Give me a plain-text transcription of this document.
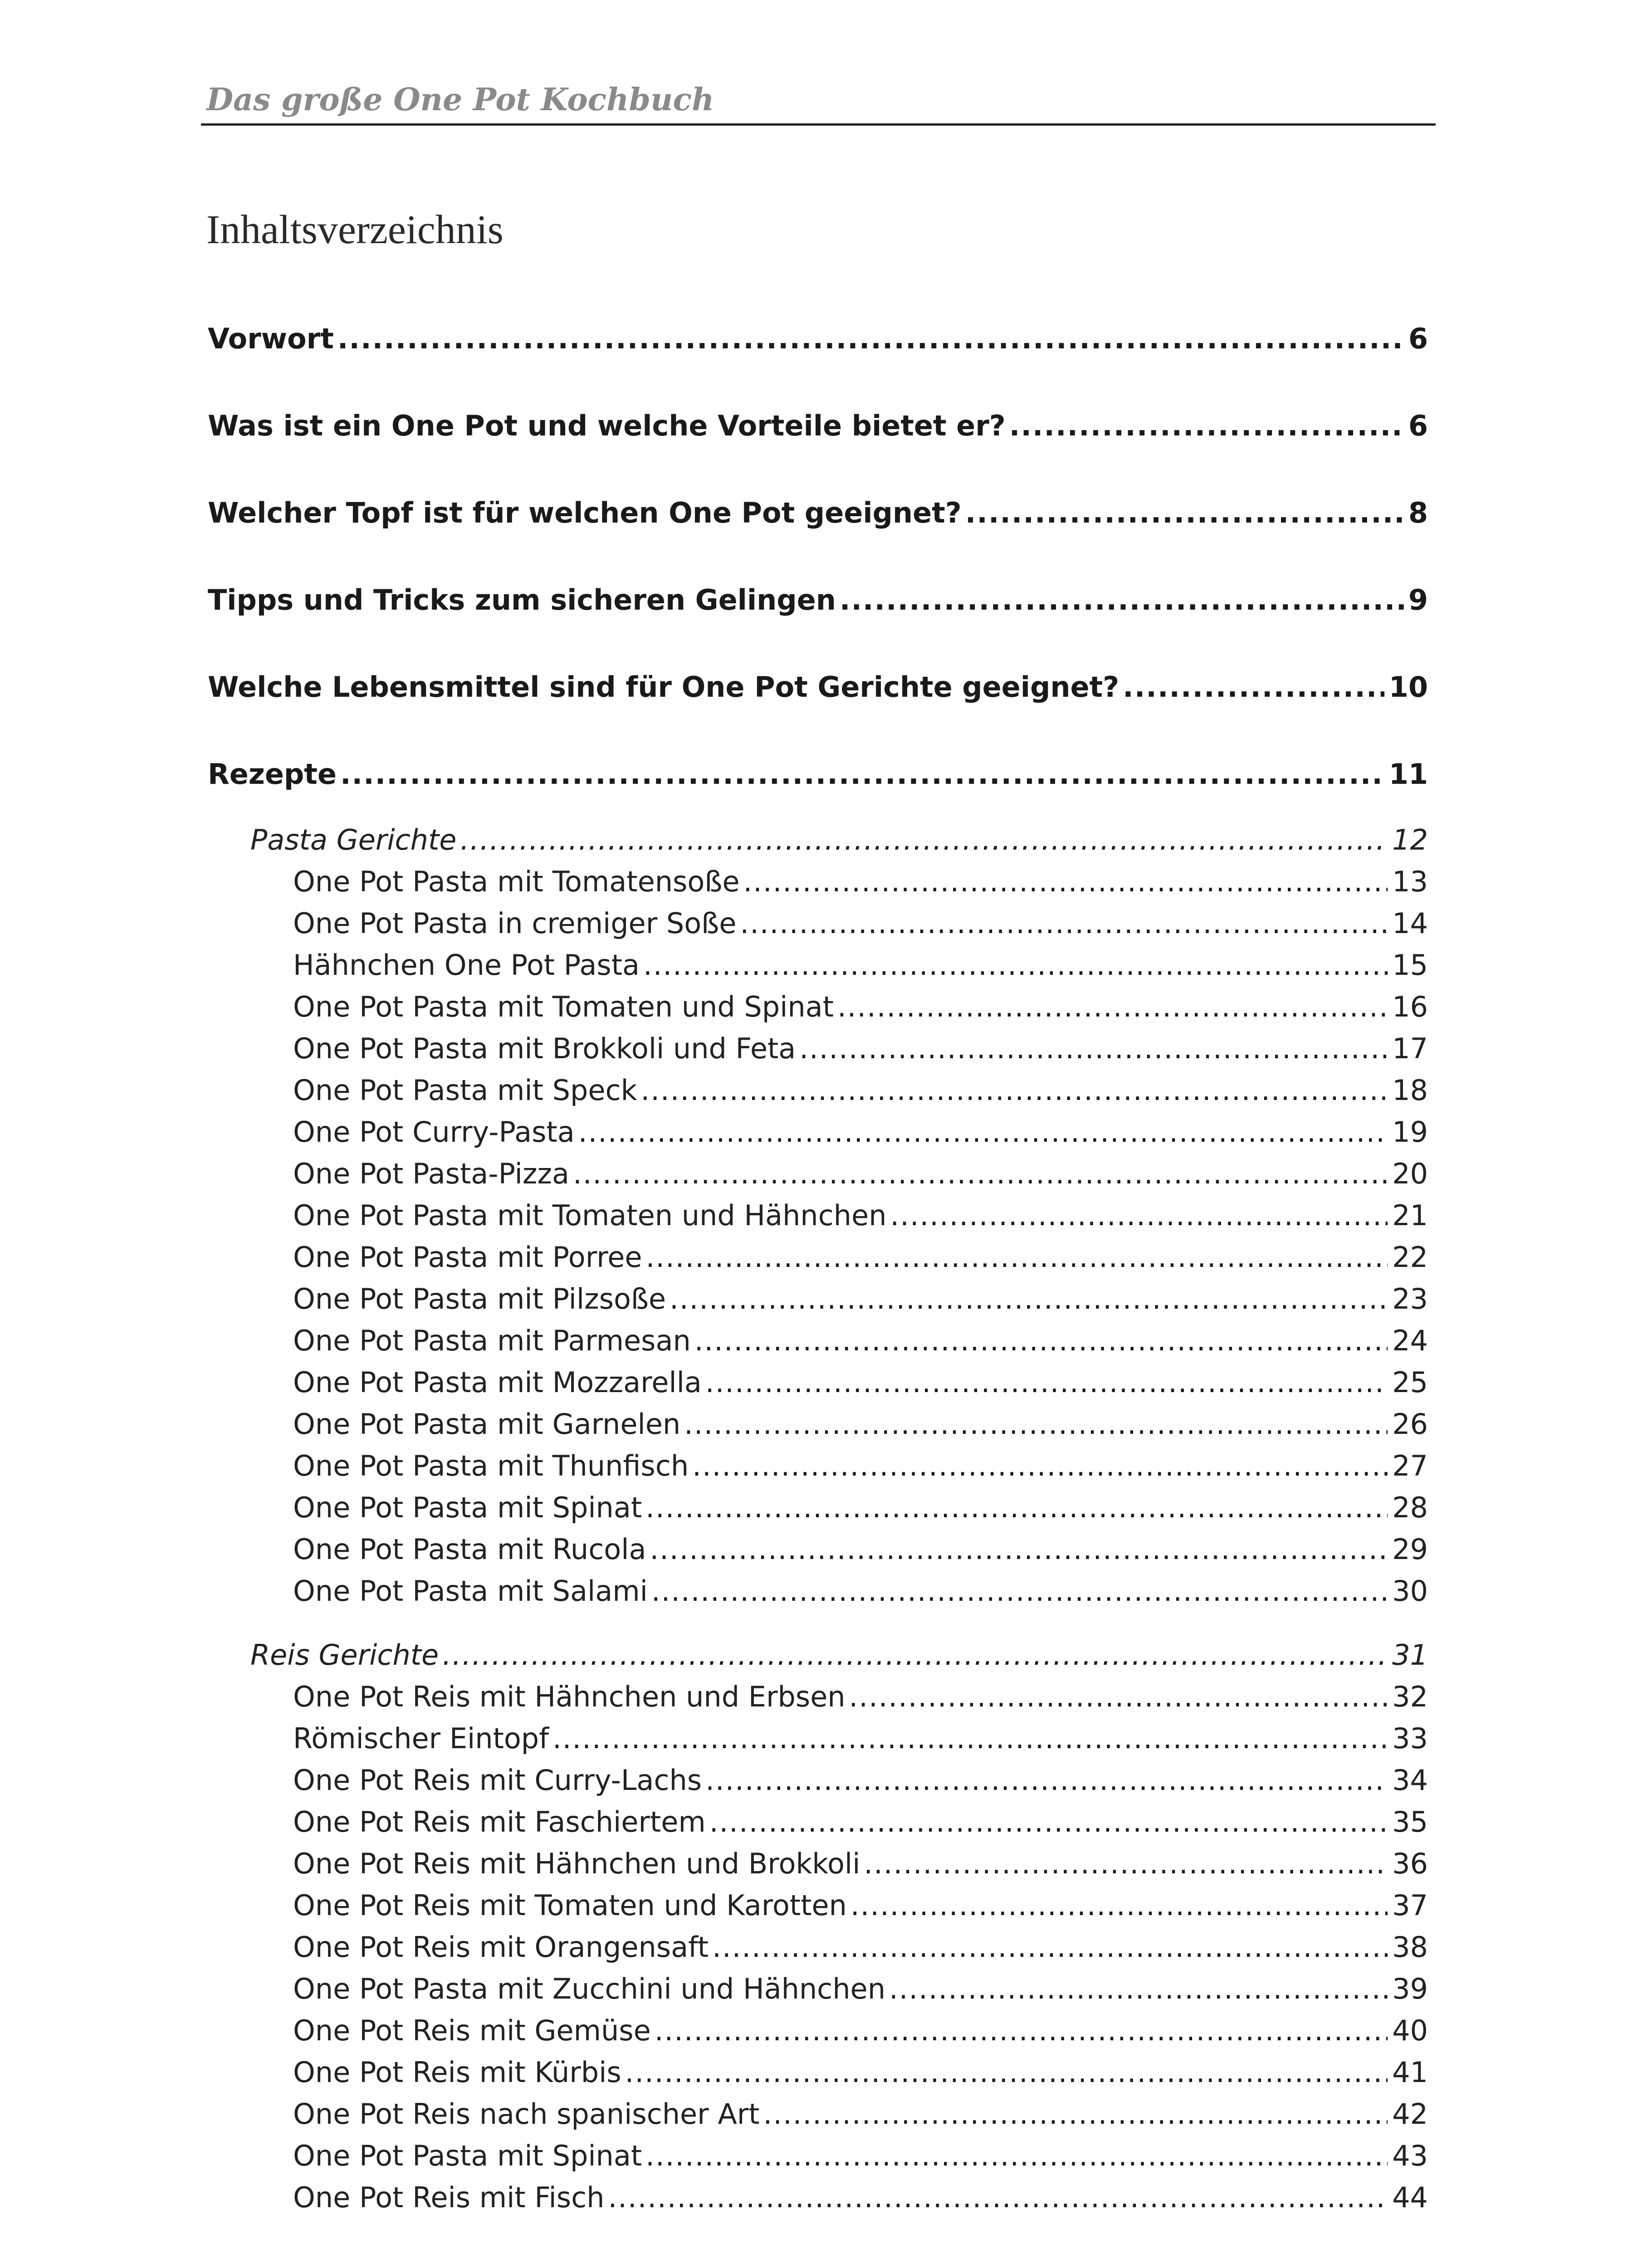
Das große One Pot Kochbuch
Inhaltsverzeichnis
Vorwort .....	6
Was ist ein One Pot und welche Vorteile bietet er? .....	6
Welcher Topf ist für welchen One Pot geeignet? .....	8
Tipps und Tricks zum sicheren Gelingen .....	9
Welche Lebensmittel sind für One Pot Gerichte geeignet? .....	10
Rezepte .....	11
Pasta Gerichte .....	12
One Pot Pasta mit Tomatensoße .....	13
One Pot Pasta in cremiger Soße .....	14
Hähnchen One Pot Pasta .....	15
One Pot Pasta mit Tomaten und Spinat .....	16
One Pot Pasta mit Brokkoli und Feta .....	17
One Pot Pasta mit Speck .....	18
One Pot Curry-Pasta .....	19
One Pot Pasta-Pizza .....	20
One Pot Pasta mit Tomaten und Hähnchen .....	21
One Pot Pasta mit Porree .....	22
One Pot Pasta mit Pilzsoße .....	23
One Pot Pasta mit Parmesan .....	24
One Pot Pasta mit Mozzarella .....	25
One Pot Pasta mit Garnelen .....	26
One Pot Pasta mit Thunfisch .....	27
One Pot Pasta mit Spinat .....	28
One Pot Pasta mit Rucola .....	29
One Pot Pasta mit Salami .....	30
Reis Gerichte .....	31
One Pot Reis mit Hähnchen und Erbsen .....	32
Römischer Eintopf .....	33
One Pot Reis mit Curry-Lachs .....	34
One Pot Reis mit Faschiertem .....	35
One Pot Reis mit Hähnchen und Brokkoli .....	36
One Pot Reis mit Tomaten und Karotten .....	37
One Pot Reis mit Orangensaft .....	38
One Pot Pasta mit Zucchini und Hähnchen .....	39
One Pot Reis mit Gemüse .....	40
One Pot Reis mit Kürbis .....	41
One Pot Reis nach spanischer Art .....	42
One Pot Pasta mit Spinat .....	43
One Pot Reis mit Fisch .....	44
